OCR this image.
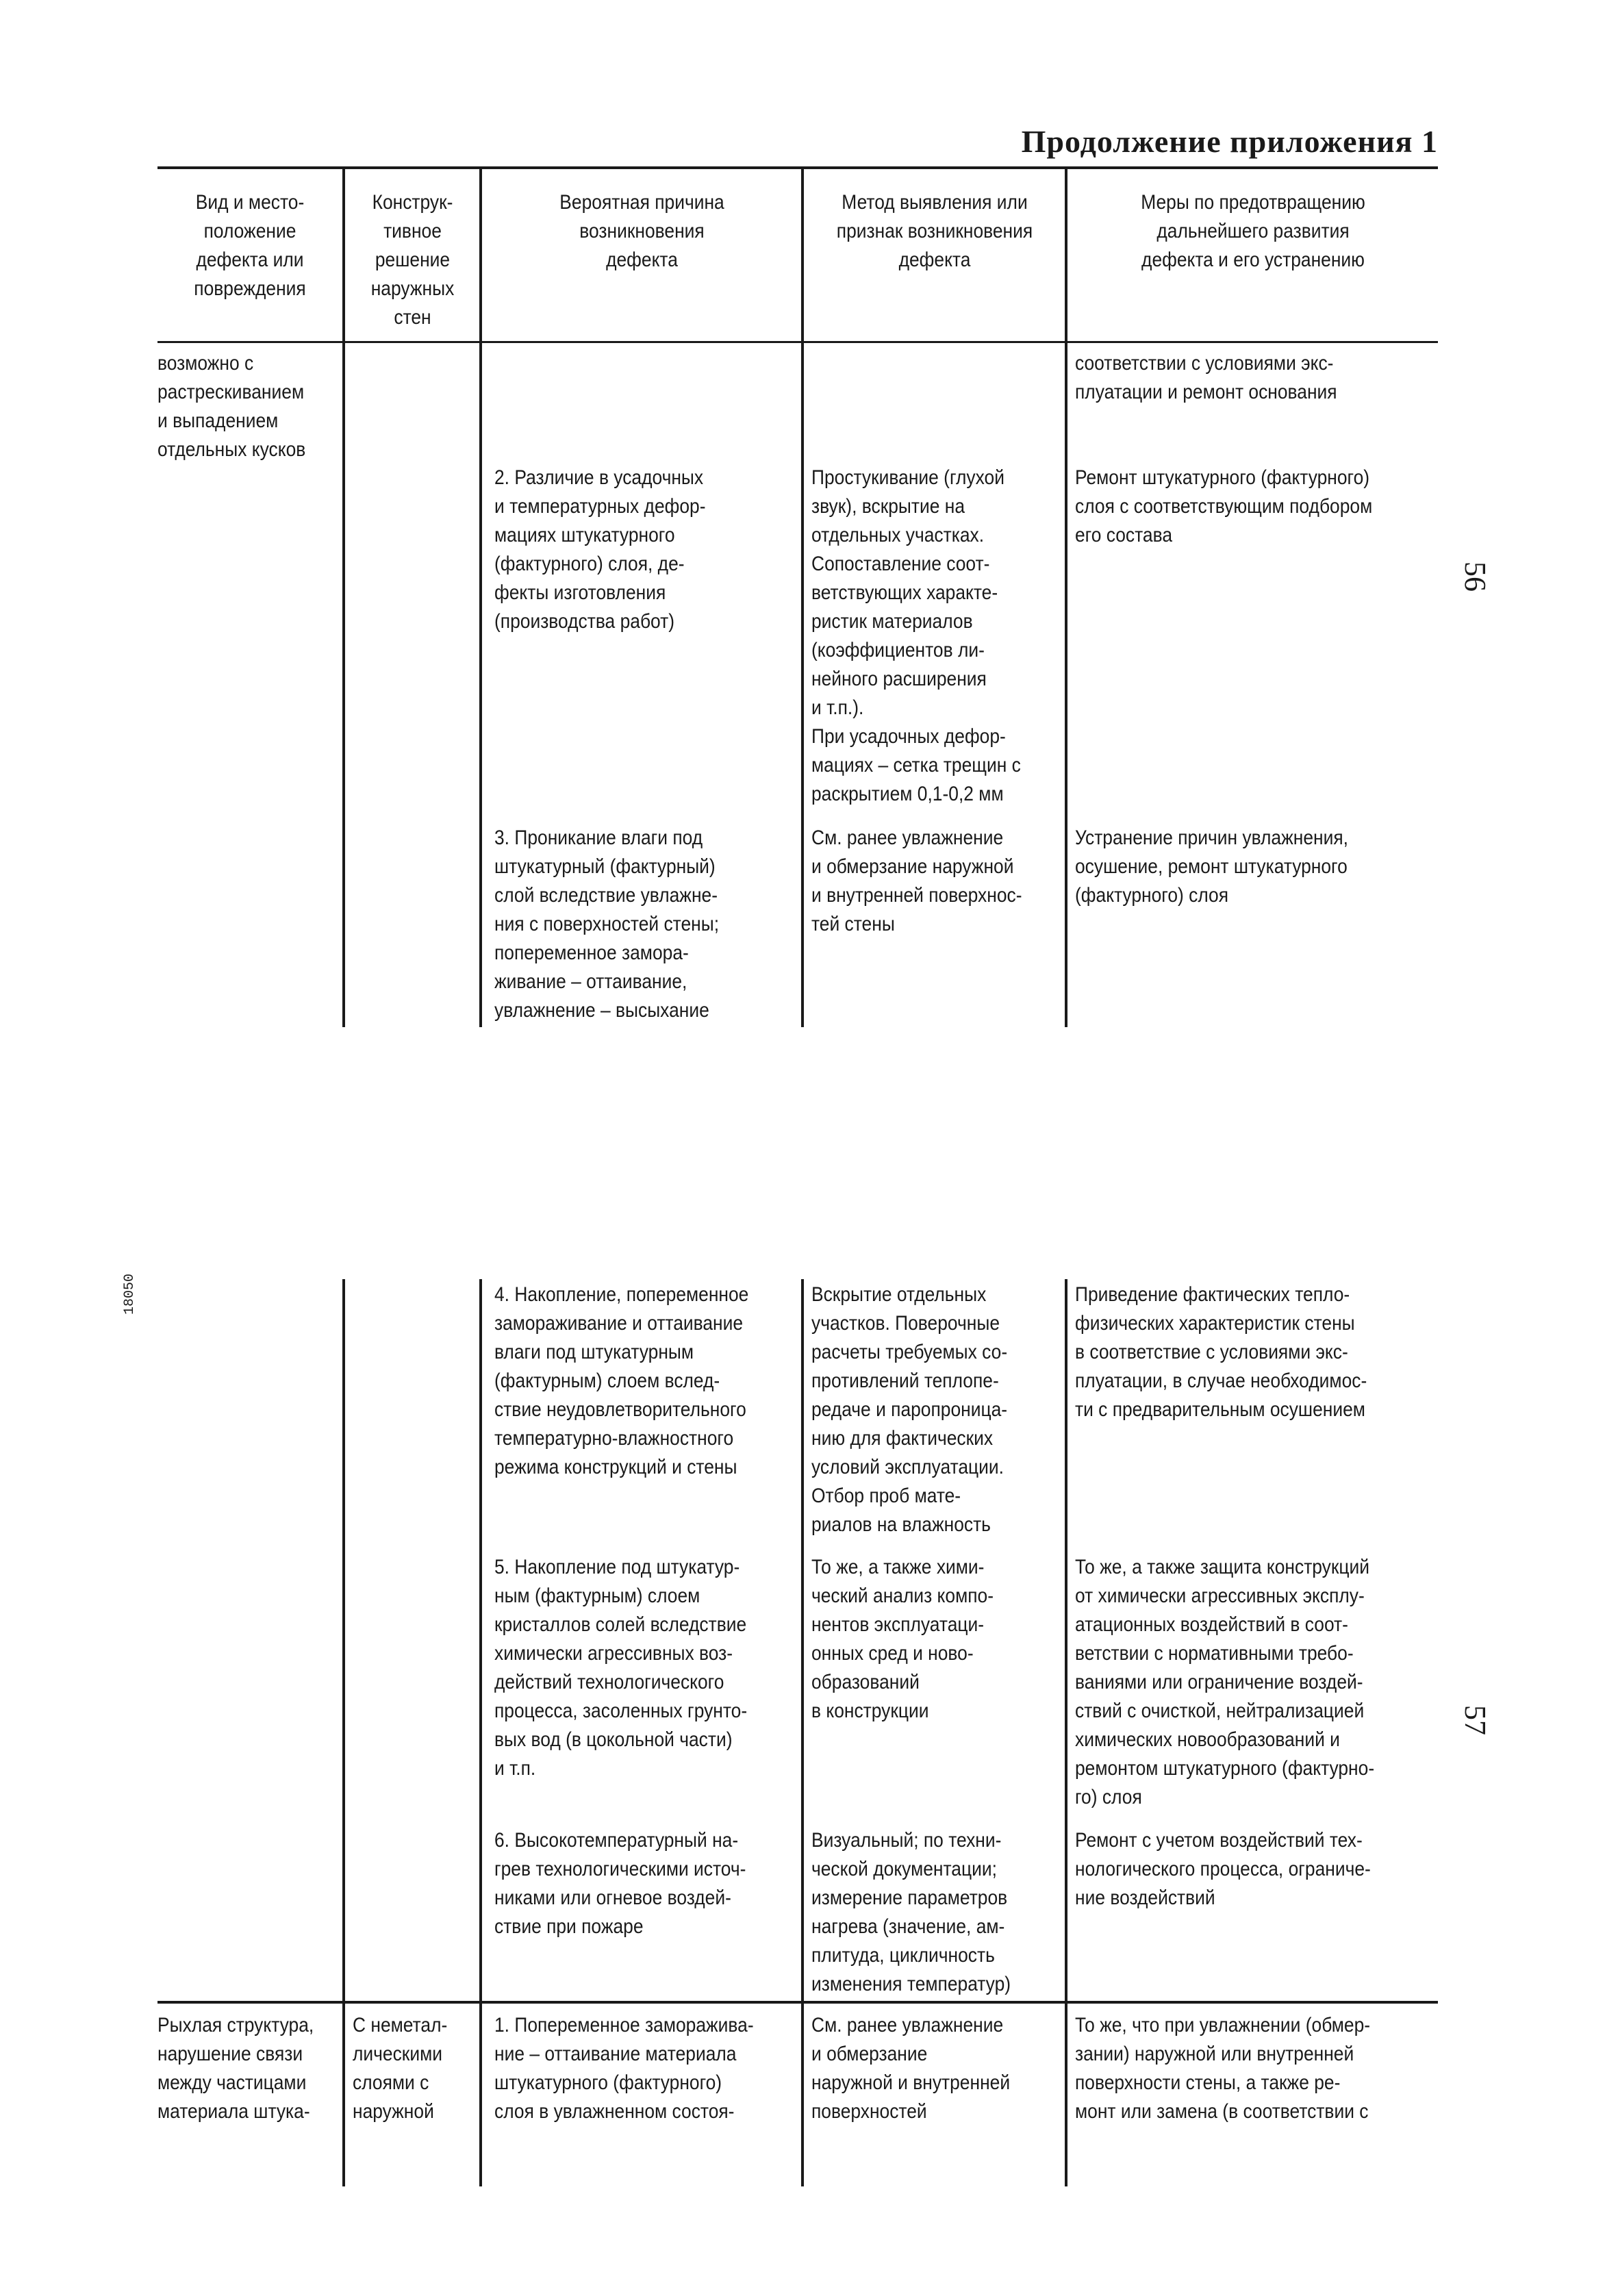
Продолжение приложения 1
Вид и место-
положение
дефекта или
повреждения
Конструк-
тивное
решение
наружных
стен
Вероятная причина
возникновения
дефекта
Метод выявления или
признак возникновения
дефекта
Меры по предотвращению
дальнейшего развития
дефекта и его устранению
возможно с
растрескиванием
и выпадением
отдельных кусков
соответствии с условиями экс-
плуатации и ремонт основания
2. Различие в усадочных
и температурных дефор-
мациях штукатурного
(фактурного) слоя, де-
фекты изготовления
(производства работ)
Простукивание (глухой
звук), вскрытие на
отдельных участках.
Сопоставление соот-
ветствующих характе-
ристик материалов
(коэффициентов ли-
нейного расширения
и т.п.).
При усадочных дефор-
мациях – сетка трещин с
раскрытием 0,1-0,2 мм
Ремонт штукатурного (фактурного)
слоя с соответствующим подбором
его состава
3. Проникание влаги под
штукатурный (фактурный)
слой вследствие увлажне-
ния с поверхностей стены;
попеременное замора-
живание – оттаивание,
увлажнение – высыхание
См. ранее увлажнение
и обмерзание наружной
и внутренней поверхнос-
тей стены
Устранение причин увлажнения,
осушение, ремонт штукатурного
(фактурного) слоя
56
18050	4. Накопление, попеременное
замораживание и оттаивание
влаги под штукатурным
(фактурным) слоем вслед-
ствие неудовлетворительного
температурно-влажностного
режима конструкций и стены
Вскрытие отдельных
участков. Поверочные
расчеты требуемых со-
противлений теплопе-
редаче и паропроница-
нию для фактических
условий эксплуатации.
Отбор проб мате-
риалов на влажность
Приведение фактических тепло-
физических характеристик стены
в соответствие с условиями экс-
плуатации, в случае необходимос-
ти с предварительным осушением
5. Накопление под штукатур-
ным (фактурным) слоем
кристаллов солей вследствие
химически агрессивных воз-
действий технологического
процесса, засоленных грунто-
вых вод (в цокольной части)
и т.п.
То же, а также хими-
ческий анализ компо-
нентов эксплуатаци-
онных сред и ново-
образований
в конструкции
То же, а также защита конструкций
от химически агрессивных эксплу-
атационных воздействий в соот-
ветствии с нормативными требо-
ваниями или ограничение воздей-
ствий с очисткой, нейтрализацией
химических новообразований и
ремонтом штукатурного (фактурно-
го) слоя
6. Высокотемпературный на-
грев технологическими источ-
никами или огневое воздей-
ствие при пожаре
Визуальный; по техни-
ческой документации;
измерение параметров
нагрева (значение, ам-
плитуда, цикличность
изменения температур)
Ремонт с учетом воздействий тех-
нологического процесса, ограниче-
ние воздействий
57
Рыхлая структура,
нарушение связи
между частицами
материала штука-
С неметал-
лическими
слоями с
наружной
1. Попеременное заморажива-
ние – оттаивание материала
штукатурного (фактурного)
слоя в увлажненном состоя-
См. ранее увлажнение
и обмерзание
наружной и внутренней
поверхностей
То же, что при увлажнении (обмер-
зании) наружной или внутренней
поверхности стены, а также ре-
монт или замена (в соответствии с
